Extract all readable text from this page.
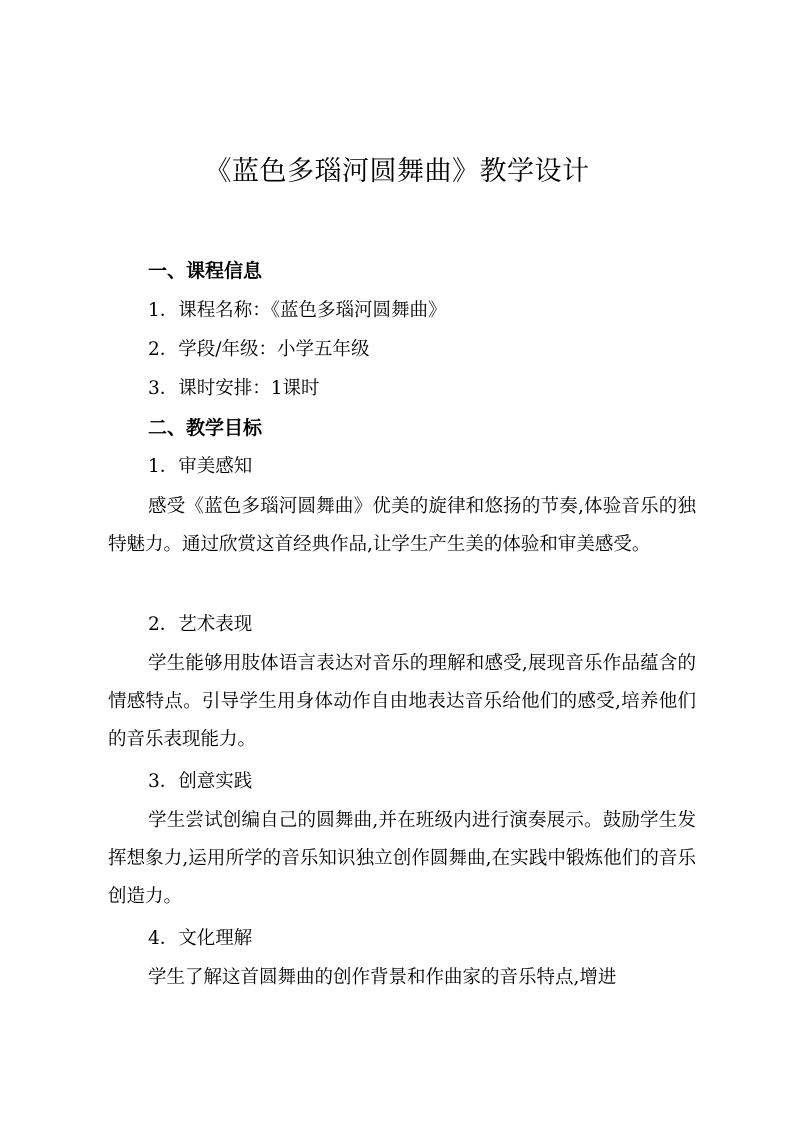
《蓝色多瑙河圆舞曲》教学设计
一、课程信息
1．课程名称：《蓝色多瑙河圆舞曲》
2．学段/年级：小学五年级
3．课时安排：1课时
二、教学目标
1．审美感知
感受《蓝色多瑙河圆舞曲》优美的旋律和悠扬的节奏,体验音乐的独特魅力。通过欣赏这首经典作品,让学生产生美的体验和审美感受。
2．艺术表现
学生能够用肢体语言表达对音乐的理解和感受,展现音乐作品蕴含的情感特点。引导学生用身体动作自由地表达音乐给他们的感受,培养他们的音乐表现能力。
3．创意实践
学生尝试创编自己的圆舞曲,并在班级内进行演奏展示。鼓励学生发挥想象力,运用所学的音乐知识独立创作圆舞曲,在实践中锻炼他们的音乐创造力。
4．文化理解
学生了解这首圆舞曲的创作背景和作曲家的音乐特点,增进
